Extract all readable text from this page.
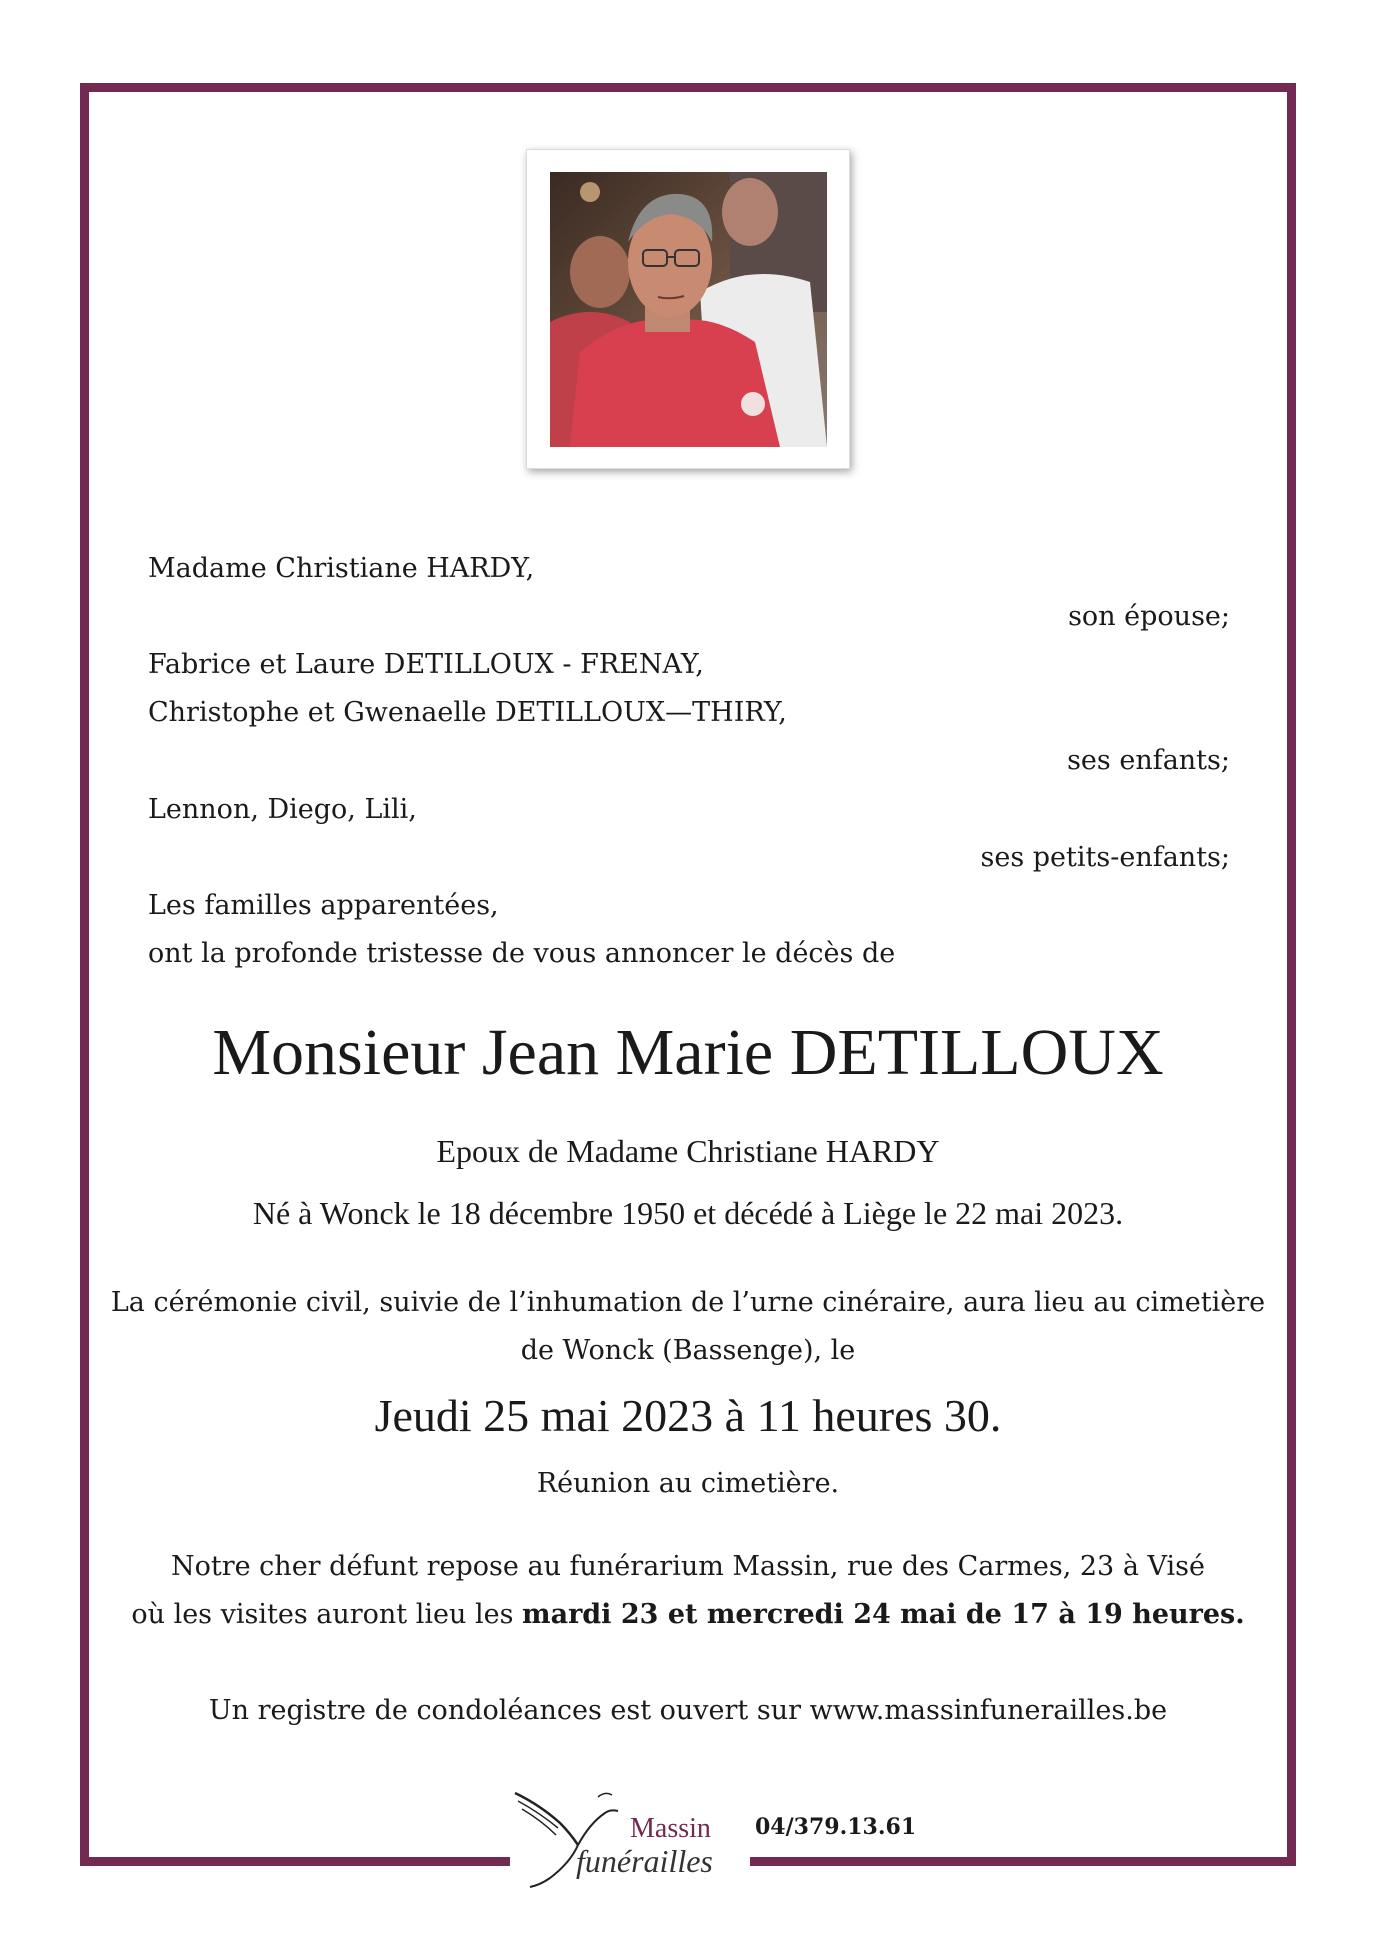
Madame Christiane HARDY,
son épouse;
Fabrice et Laure DETILLOUX - FRENAY,
Christophe et Gwenaelle DETILLOUX—THIRY,
ses enfants;
Lennon, Diego, Lili,
ses petits-enfants;
Les familles apparentées,
ont la profonde tristesse de vous annoncer le décès de
Monsieur Jean Marie DETILLOUX
Epoux de Madame Christiane HARDY
Né à Wonck le 18 décembre 1950 et décédé à Liège le 22 mai 2023.
La cérémonie civil, suivie de l’inhumation de l’urne cinéraire, aura lieu au cimetière
de Wonck (Bassenge), le
Jeudi 25 mai 2023 à 11 heures 30.
Réunion au cimetière.
Notre cher défunt repose au funérarium Massin, rue des Carmes, 23 à Visé
où les visites auront lieu les mardi 23 et mercredi 24 mai de 17 à 19 heures.
Un registre de condoléances est ouvert sur www.massinfunerailles.be
Massin
funérailles
04/379.13.61
